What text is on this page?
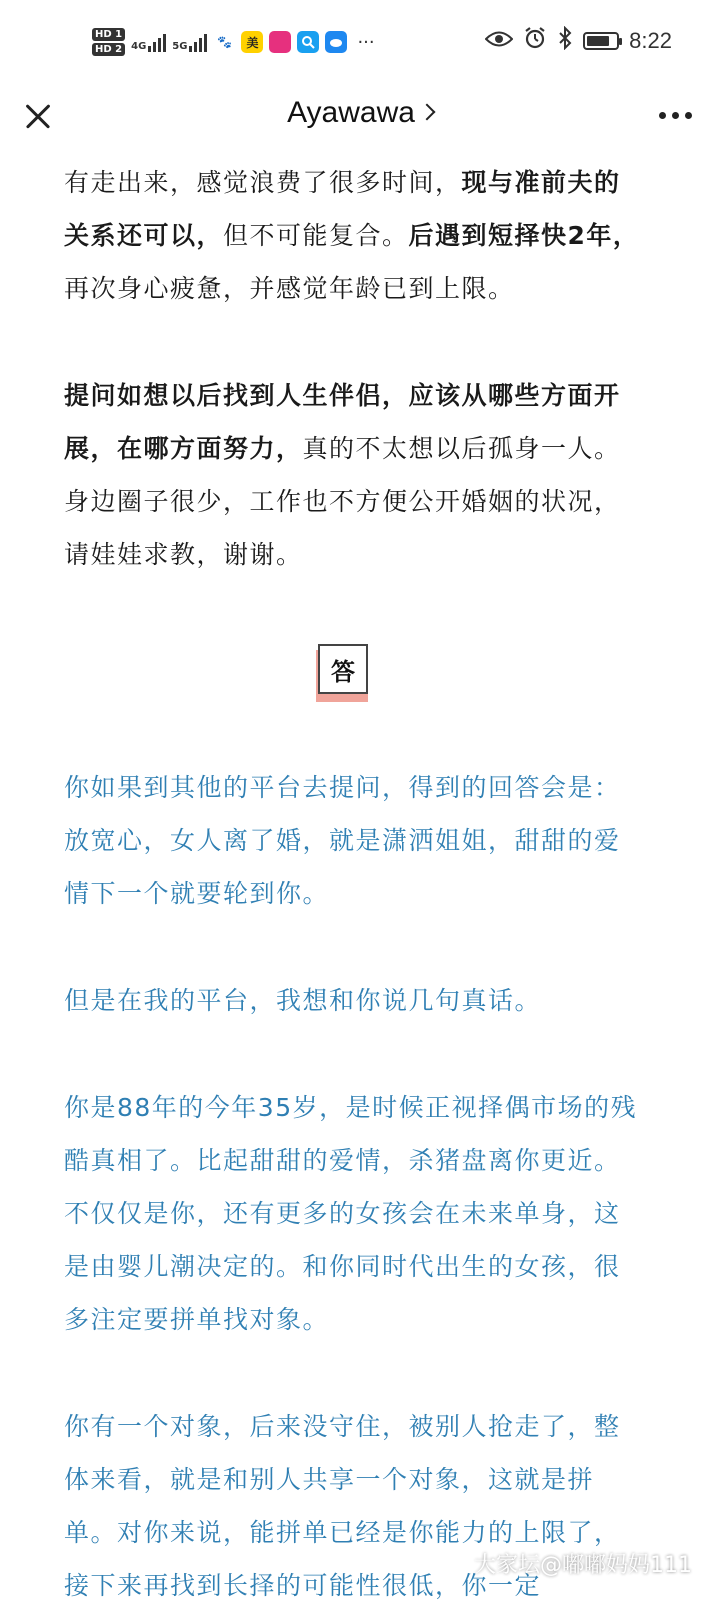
HD 1
HD 2 4G	5G 🐾	美	···	8:22
Ayawawa

有走出来，感觉浪费了很多时间，现与准前夫的关系还可以，但不可能复合。后遇到短择快2年，再次身心疲惫，并感觉年龄已到上限。

提问如想以后找到人生伴侣，应该从哪些方面开展，在哪方面努力，真的不太想以后孤身一人。身边圈子很少，工作也不方便公开婚姻的状况，请娃娃求教，谢谢。

答

你如果到其他的平台去提问，得到的回答会是：放宽心，女人离了婚，就是潇洒姐姐，甜甜的爱情下一个就要轮到你。

但是在我的平台，我想和你说几句真话。

你是88年的今年35岁，是时候正视择偶市场的残酷真相了。比起甜甜的爱情，杀猪盘离你更近。不仅仅是你，还有更多的女孩会在未来单身，这是由婴儿潮决定的。和你同时代出生的女孩，很多注定要拼单找对象。

你有一个对象，后来没守住，被别人抢走了，整体来看，就是和别人共享一个对象，这就是拼单。对你来说，能拼单已经是你能力的上限了，接下来再找到长择的可能性很低，你一定

大家坛@嘟嘟妈妈111
